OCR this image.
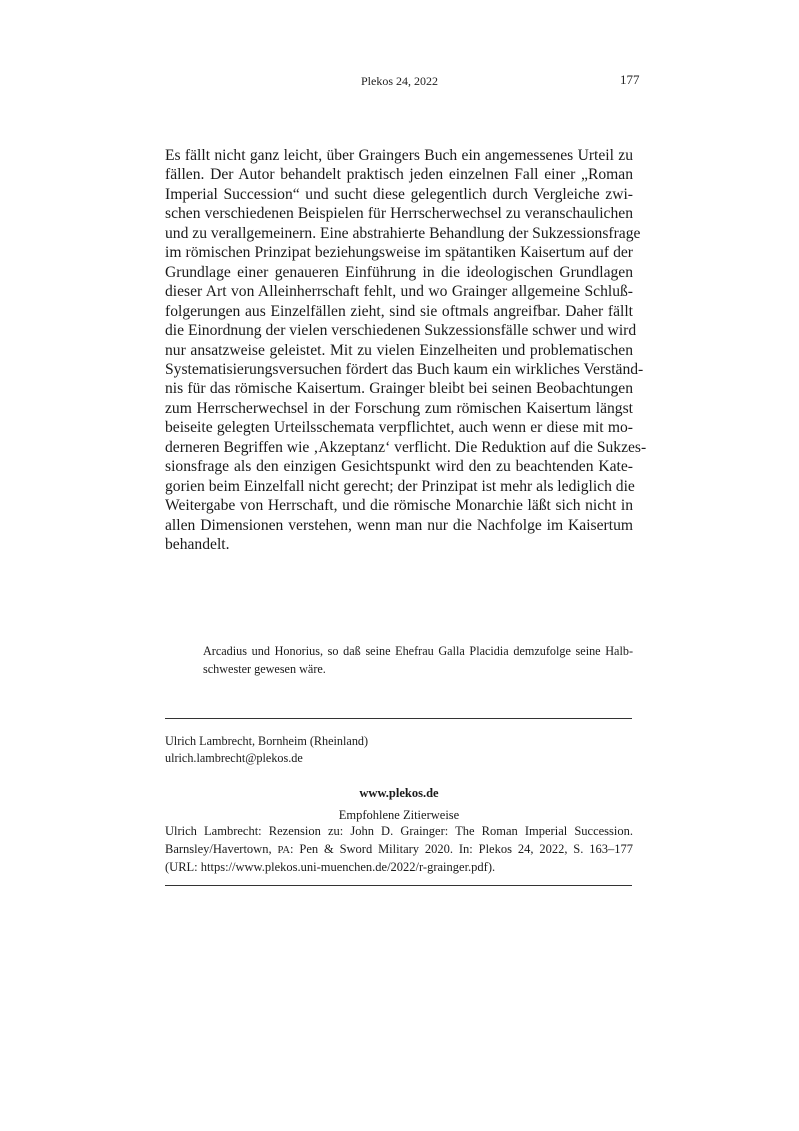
Plekos 24, 2022	177
Es fällt nicht ganz leicht, über Graingers Buch ein angemessenes Urteil zu
fällen. Der Autor behandelt praktisch jeden einzelnen Fall einer „Roman
Imperial Succession“ und sucht diese gelegentlich durch Vergleiche zwi-
schen verschiedenen Beispielen für Herrscherwechsel zu veranschaulichen
und zu verallgemeinern. Eine abstrahierte Behandlung der Sukzessionsfrage
im römischen Prinzipat beziehungsweise im spätantiken Kaisertum auf der
Grundlage einer genaueren Einführung in die ideologischen Grundlagen
dieser Art von Alleinherrschaft fehlt, und wo Grainger allgemeine Schluß-
folgerungen aus Einzelfällen zieht, sind sie oftmals angreifbar. Daher fällt
die Einordnung der vielen verschiedenen Sukzessionsfälle schwer und wird
nur ansatzweise geleistet. Mit zu vielen Einzelheiten und problematischen
Systematisierungsversuchen fördert das Buch kaum ein wirkliches Verständ-
nis für das römische Kaisertum. Grainger bleibt bei seinen Beobachtungen
zum Herrscherwechsel in der Forschung zum römischen Kaisertum längst
beiseite gelegten Urteilsschemata verpflichtet, auch wenn er diese mit mo-
derneren Begriffen wie ‚Akzeptanz‘ verflicht. Die Reduktion auf die Sukzes-
sionsfrage als den einzigen Gesichtspunkt wird den zu beachtenden Kate-
gorien beim Einzelfall nicht gerecht; der Prinzipat ist mehr als lediglich die
Weitergabe von Herrschaft, und die römische Monarchie läßt sich nicht in
allen Dimensionen verstehen, wenn man nur die Nachfolge im Kaisertum
behandelt.
Arcadius und Honorius, so daß seine Ehefrau Galla Placidia demzufolge seine Halb-
schwester gewesen wäre.
Ulrich Lambrecht, Bornheim (Rheinland)
ulrich.lambrecht@plekos.de
www.plekos.de
Empfohlene Zitierweise
Ulrich Lambrecht: Rezension zu: John D. Grainger: The Roman Imperial Succession.
Barnsley/Havertown, PA: Pen & Sword Military 2020. In: Plekos 24, 2022, S. 163–177
(URL: https://www.plekos.uni-muenchen.de/2022/r-grainger.pdf).
